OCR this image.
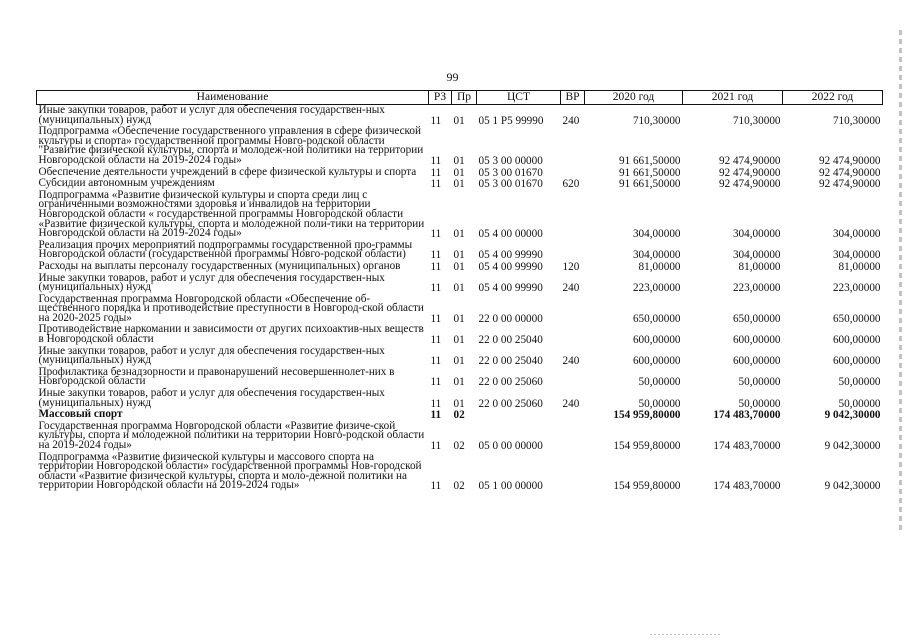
99
Наименование	РЗ	Пр	ЦСТ	ВР	2020 год	2021 год	2022 год
Иные закупки товаров, работ и услуг для обеспечения государствен-ных (муниципальных) нужд	11	01	05 1 Р5 99990	240	710,30000	710,30000	710,30000
Подпрограмма «Обеспечение государственного управления в сфере физической культуры и спорта» государственной программы Новго-родской области "Развитие физической культуры, спорта и молодеж-ной политики на территории Новгородской области на 2019-2024 годы»	11	01	05 3 00 00000		91 661,50000	92 474,90000	92 474,90000
Обеспечение деятельности учреждений в сфере физической культуры и спорта	11	01	05 3 00 01670		91 661,50000	92 474,90000	92 474,90000
Субсидии автономным учреждениям	11	01	05 3 00 01670	620	91 661,50000	92 474,90000	92 474,90000
Подпрограмма «Развитие физической культуры и спорта среди лиц с ограниченными возможностями здоровья и инвалидов на территории Новгородской области « государственной программы Новгородской области «Развитие физической культуры, спорта и молодежной поли-тики на территории Новгородской области на 2019-2024 годы»	11	01	05 4 00 00000		304,00000	304,00000	304,00000
Реализация прочих мероприятий подпрограммы государственной про-граммы Новгородской области (государственной программы Новго-родской области)	11	01	05 4 00 99990		304,00000	304,00000	304,00000
Расходы на выплаты персоналу государственных (муниципальных) органов	11	01	05 4 00 99990	120	81,00000	81,00000	81,00000
Иные закупки товаров, работ и услуг для обеспечения государствен-ных (муниципальных) нужд	11	01	05 4 00 99990	240	223,00000	223,00000	223,00000
Государственная программа Новгородской области «Обеспечение об-щественного порядка и противодействие преступности в Новгород-ской области на 2020-2025 годы»	11	01	22 0 00 00000		650,00000	650,00000	650,00000
Противодействие наркомании и зависимости от других психоактив-ных веществ в Новгородской области	11	01	22 0 00 25040		600,00000	600,00000	600,00000
Иные закупки товаров, работ и услуг для обеспечения государствен-ных (муниципальных) нужд	11	01	22 0 00 25040	240	600,00000	600,00000	600,00000
Профилактика безнадзорности и правонарушений несовершеннолет-них в Новгородской области	11	01	22 0 00 25060		50,00000	50,00000	50,00000
Иные закупки товаров, работ и услуг для обеспечения государствен-ных (муниципальных) нужд	11	01	22 0 00 25060	240	50,00000	50,00000	50,00000
Массовый спорт	11	02			154 959,80000	174 483,70000	9 042,30000
Государственная программа Новгородской области «Развитие физиче-ской культуры, спорта и молодежной политики на территории Новго-родской области на 2019-2024 годы»	11	02	05 0 00 00000		154 959,80000	174 483,70000	9 042,30000
Подпрограмма «Развитие физической культуры и массового спорта на территории Новгородской области» государственной программы Нов-городской области «Развитие физической культуры, спорта и моло-дежной политики на территории Новгородской области на 2019-2024 годы»	11	02	05 1 00 00000		154 959,80000	174 483,70000	9 042,30000
